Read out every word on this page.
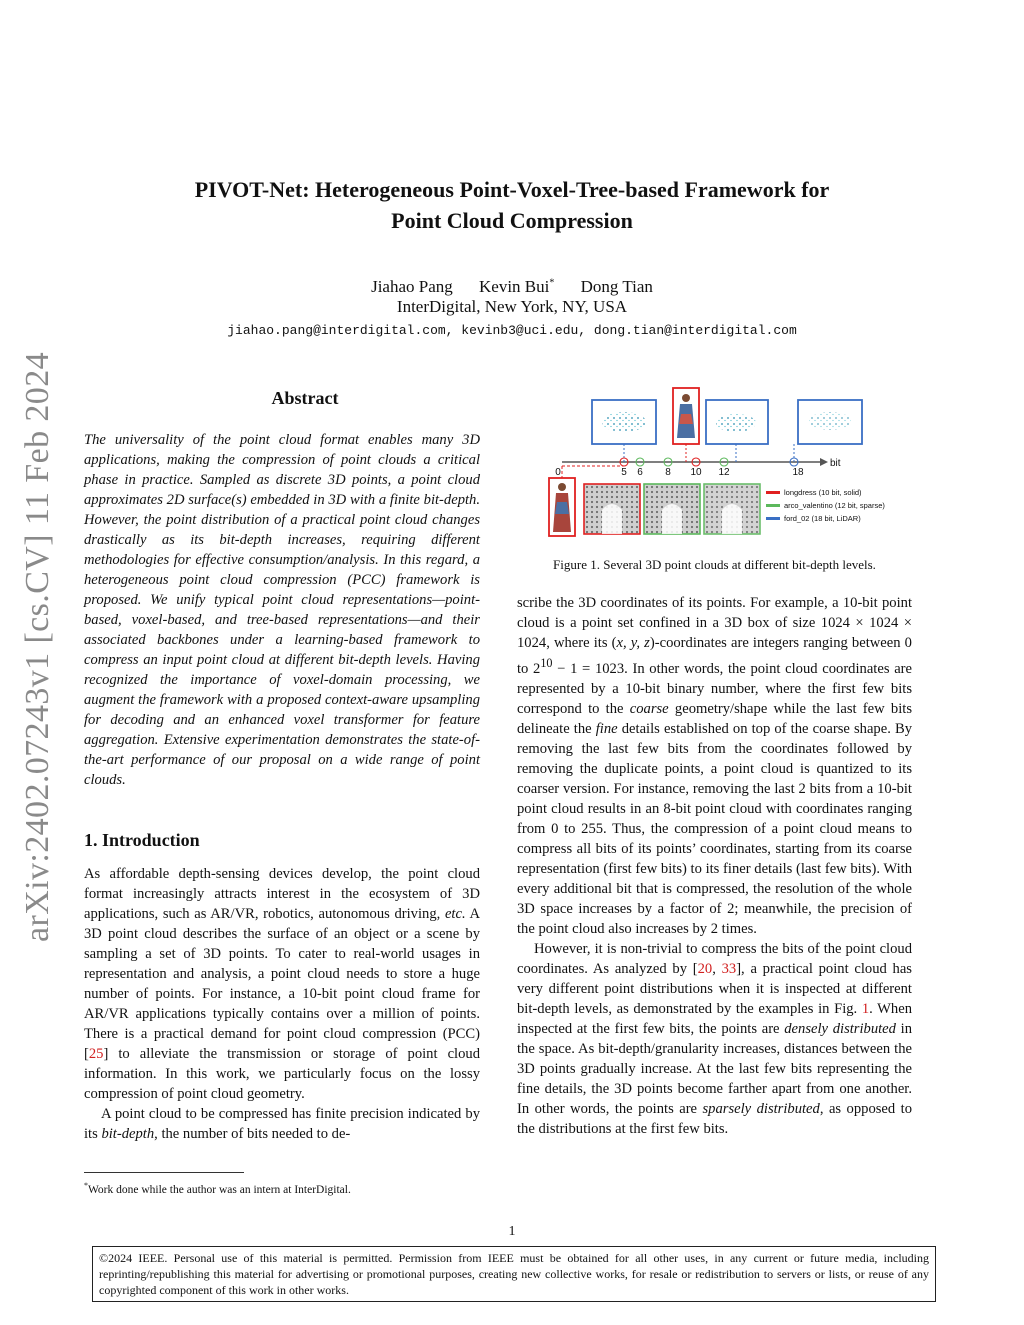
PIVOT-Net: Heterogeneous Point-Voxel-Tree-based Framework for
Point Cloud Compression
Jiahao Pang Kevin Bui* Dong Tian
InterDigital, New York, NY, USA
jiahao.pang@interdigital.com, kevinb3@uci.edu, dong.tian@interdigital.com
arXiv:2402.07243v1 [cs.CV] 11 Feb 2024	Abstract

The universality of the point cloud format enables many 3D applications, making the compression of point clouds a critical phase in practice. Sampled as discrete 3D points, a point cloud approximates 2D surface(s) embedded in 3D with a finite bit-depth. However, the point distribution of a practical point cloud changes drastically as its bit-depth increases, requiring different methodologies for effective consumption/analysis. In this regard, a heterogeneous point cloud compression (PCC) framework is proposed. We unify typical point cloud representations—point-based, voxel-based, and tree-based representations—and their associated backbones under a learning-based framework to compress an input point cloud at different bit-depth levels. Having recognized the importance of voxel-domain processing, we augment the framework with a proposed context-aware upsampling for decoding and an enhanced voxel transformer for feature aggregation. Extensive experimentation demonstrates the state-of-the-art performance of our proposal on a wide range of point clouds.

1. Introduction

As affordable depth-sensing devices develop, the point cloud format increasingly attracts interest in the ecosystem of 3D applications, such as AR/VR, robotics, autonomous driving, etc. A 3D point cloud describes the surface of an object or a scene by sampling a set of 3D points. To cater to real-world usages in representation and analysis, a point cloud needs to store a huge number of points. For instance, a 10-bit point cloud frame for AR/VR applications typically contains over a million of points. There is a practical demand for point cloud compression (PCC) [25] to alleviate the transmission or storage of point cloud information. In this work, we particularly focus on the lossy compression of point cloud geometry.

A point cloud to be compressed has finite precision indicated by its bit-depth, the number of bits needed to de-

*Work done while the author was an intern at InterDigital.
bit
0	5 6 8 10 12	18
longdress (10 bit, solid)
arco_valentino (12 bit, sparse)
ford_02 (18 bit, LiDAR)
Figure 1. Several 3D point clouds at different bit-depth levels.

scribe the 3D coordinates of its points. For example, a 10-bit point cloud is a point set confined in a 3D box of size 1024 × 1024 × 1024, where its (x, y, z)-coordinates are integers ranging between 0 to $2^{10} - 1 = 1023$. In other words, the point cloud coordinates are represented by a 10-bit binary number, where the first few bits correspond to the coarse geometry/shape while the last few bits delineate the fine details established on top of the coarse shape. By removing the last few bits from the coordinates followed by removing the duplicate points, a point cloud is quantized to its coarser version. For instance, removing the last 2 bits from a 10-bit point cloud results in an 8-bit point cloud with coordinates ranging from 0 to 255. Thus, the compression of a point cloud means to compress all bits of its points’ coordinates, starting from its coarse representation (first few bits) to its finer details (last few bits). With every additional bit that is compressed, the resolution of the whole 3D space increases by a factor of 2; meanwhile, the precision of the point cloud also increases by 2 times.

However, it is non-trivial to compress the bits of the point cloud coordinates. As analyzed by [20, 33], a practical point cloud has very different point distributions when it is inspected at different bit-depth levels, as demonstrated by the examples in Fig. 1. When inspected at the first few bits, the points are densely distributed in the space. As bit-depth/granularity increases, distances between the 3D points gradually increase. At the last few bits representing the fine details, the 3D points become farther apart from one another. In other words, the points are sparsely distributed, as opposed to the distributions at the first few bits.

1
©2024 IEEE. Personal use of this material is permitted. Permission from IEEE must be obtained for all other uses, in any current or future media, including reprinting/republishing this material for advertising or promotional purposes, creating new collective works, for resale or redistribution to servers or lists, or reuse of any copyrighted component of this work in other works.
